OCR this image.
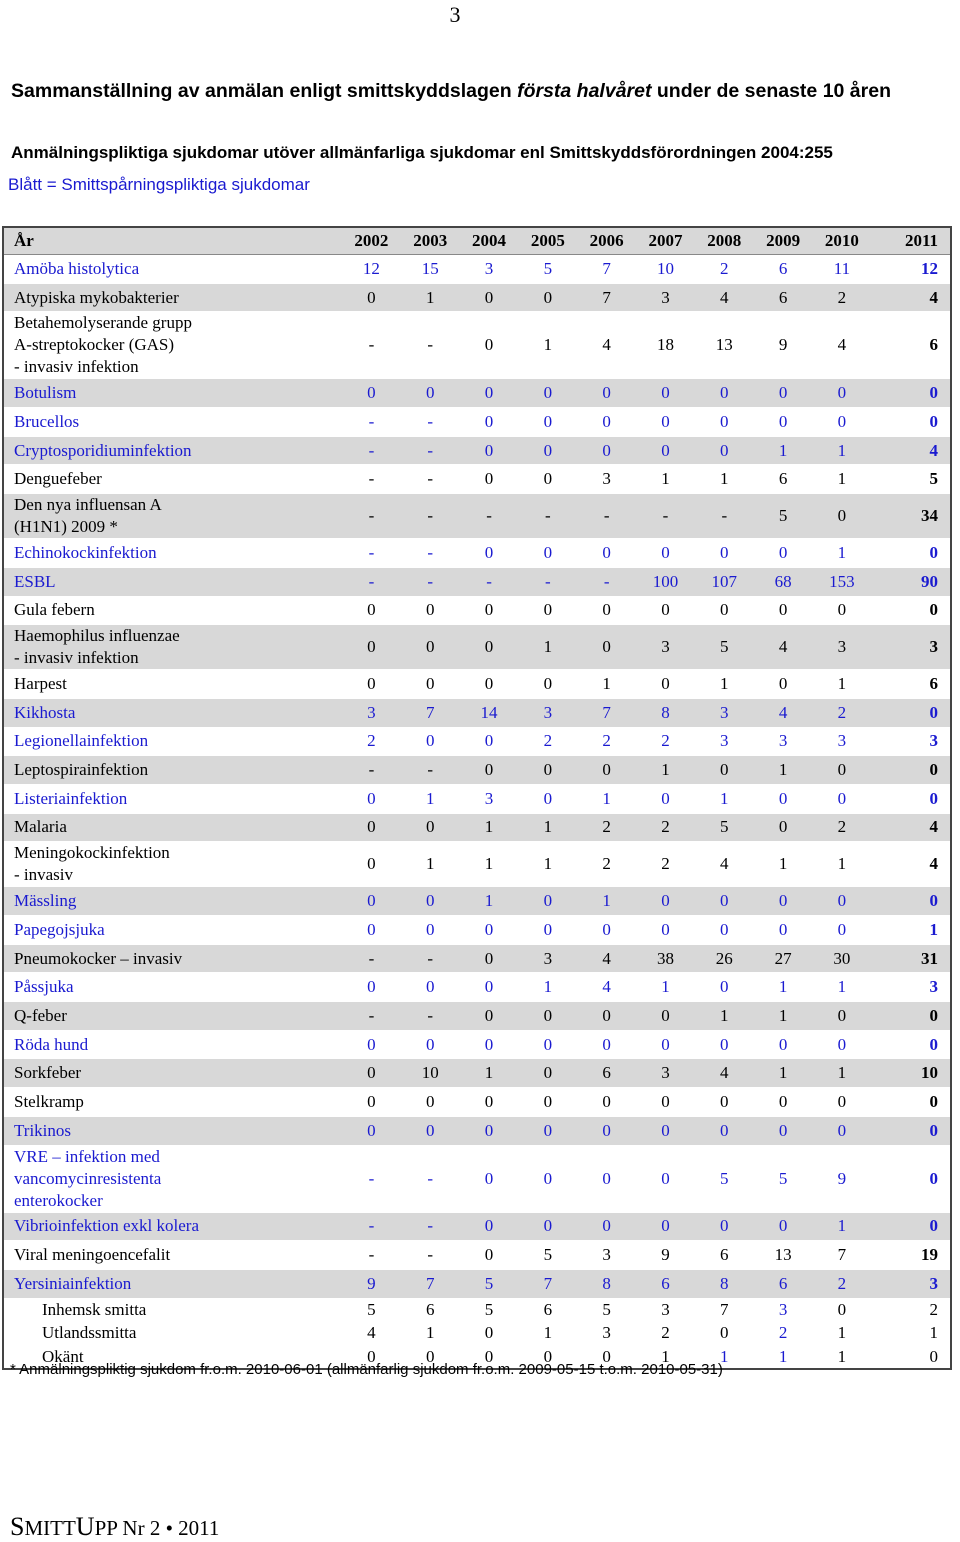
3
Sammanställning av anmälan enligt smittskyddslagen första halvåret under de senaste 10 åren
Anmälningspliktiga sjukdomar utöver allmänfarliga sjukdomar enl Smittskyddsförordningen 2004:255
Blått = Smittspårningspliktiga sjukdomar
År	2002	2003	2004	2005	2006	2007	2008	2009	2010	2011
Amöba histolytica	12	15	3	5	7	10	2	6	11	12
Atypiska mykobakterier	0	1	0	0	7	3	4	6	2	4

Betahemolyserande grupp
A-streptokocker (GAS)
- invasiv infektion	-	-	0	1	4	18	13	9	4	6
Botulism	0	0	0	0	0	0	0	0	0	0
Brucellos	-	-	0	0	0	0	0	0	0	0
Cryptosporidiuminfektion	-	-	0	0	0	0	0	1	1	4
Denguefeber	-	-	0	0	3	1	1	6	1	5

Den nya influensan A
(H1N1) 2009 *	-	-	-	-	-	-	-	5	0	34
Echinokockinfektion	-	-	0	0	0	0	0	0	1	0
ESBL	-	-	-	-	-	100	107	68	153	90
Gula febern	0	0	0	0	0	0	0	0	0	0

Haemophilus influenzae
- invasiv infektion	0	0	0	1	0	3	5	4	3	3
Harpest	0	0	0	0	1	0	1	0	1	6
Kikhosta	3	7	14	3	7	8	3	4	2	0
Legionellainfektion	2	0	0	2	2	2	3	3	3	3
Leptospirainfektion	-	-	0	0	0	1	0	1	0	0
Listeriainfektion	0	1	3	0	1	0	1	0	0	0
Malaria	0	0	1	1	2	2	5	0	2	4

Meningokockinfektion
- invasiv	0	1	1	1	2	2	4	1	1	4
Mässling	0	0	1	0	1	0	0	0	0	0
Papegojsjuka	0	0	0	0	0	0	0	0	0	1
Pneumokocker – invasiv	-	-	0	3	4	38	26	27	30	31
Påssjuka	0	0	0	1	4	1	0	1	1	3
Q-feber	-	-	0	0	0	0	1	1	0	0
Röda hund	0	0	0	0	0	0	0	0	0	0
Sorkfeber	0	10	1	0	6	3	4	1	1	10
Stelkramp	0	0	0	0	0	0	0	0	0	0
Trikinos	0	0	0	0	0	0	0	0	0	0

VRE – infektion med
vancomycinresistenta
enterokocker	-	-	0	0	0	0	5	5	9	0
Vibrioinfektion exkl kolera	-	-	0	0	0	0	0	0	1	0
Viral meningoencefalit	-	-	0	5	3	9	6	13	7	19
Yersiniainfektion	9	7	5	7	8	6	8	6	2	3
Inhemsk smitta	5	6	5	6	5	3	7	3	0	2
Utlandssmitta	4	1	0	1	3	2	0	2	1	1
Okänt	0	0	0	0	0	1	1	1	1	0
* Anmälningspliktig sjukdom fr.o.m. 2010-06-01 (allmänfarlig sjukdom fr.o.m. 2009-05-15 t.o.m. 2010-05-31)
SMITTUPP Nr 2 • 2011
